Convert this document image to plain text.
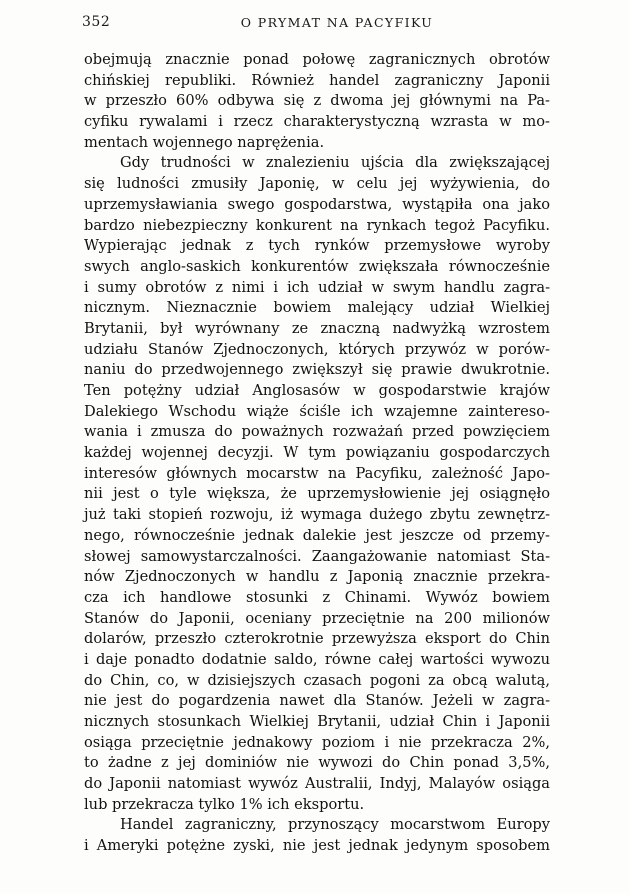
352	O PRYMAT NA PACYFIKU
obejmują znacznie ponad połowę zagranicznych obrotów
chińskiej republiki. Również handel zagraniczny Japonii
w przeszło 60% odbywa się z dwoma jej głównymi na Pa-
cyfiku rywalami i rzecz charakterystyczną wzrasta w mo-
mentach wojennego naprężenia.
Gdy trudności w znalezieniu ujścia dla zwiększającej
się ludności zmusiły Japonię, w celu jej wyżywienia, do
uprzemysławiania swego gospodarstwa, wystąpiła ona jako
bardzo niebezpieczny konkurent na rynkach tegoż Pacyfiku.
Wypierając jednak z tych rynków przemysłowe wyroby
swych anglo-saskich konkurentów zwiększała równocześnie
i sumy obrotów z nimi i ich udział w swym handlu zagra-
nicznym. Nieznacznie bowiem malejący udział Wielkiej
Brytanii, był wyrównany ze znaczną nadwyżką wzrostem
udziału Stanów Zjednoczonych, których przywóz w porów-
naniu do przedwojennego zwiększył się prawie dwukrotnie.
Ten potężny udział Anglosasów w gospodarstwie krajów
Dalekiego Wschodu wiąże ściśle ich wzajemne zaintereso-
wania i zmusza do poważnych rozważań przed powzięciem
każdej wojennej decyzji. W tym powiązaniu gospodarczych
interesów głównych mocarstw na Pacyfiku, zależność Japo-
nii jest o tyle większa, że uprzemysłowienie jej osiągnęło
już taki stopień rozwoju, iż wymaga dużego zbytu zewnętrz-
nego, równocześnie jednak dalekie jest jeszcze od przemy-
słowej samowystarczalności. Zaangażowanie natomiast Sta-
nów Zjednoczonych w handlu z Japonią znacznie przekra-
cza ich handlowe stosunki z Chinami. Wywóz bowiem
Stanów do Japonii, oceniany przeciętnie na 200 milionów
dolarów, przeszło czterokrotnie przewyższa eksport do Chin
i daje ponadto dodatnie saldo, równe całej wartości wywozu
do Chin, co, w dzisiejszych czasach pogoni za obcą walutą,
nie jest do pogardzenia nawet dla Stanów. Jeżeli w zagra-
nicznych stosunkach Wielkiej Brytanii, udział Chin i Japonii
osiąga przeciętnie jednakowy poziom i nie przekracza 2%,
to żadne z jej dominiów nie wywozi do Chin ponad 3,5%,
do Japonii natomiast wywóz Australii, Indyj, Malayów osiąga
lub przekracza tylko 1% ich eksportu.
Handel zagraniczny, przynoszący mocarstwom Europy
i Ameryki potężne zyski, nie jest jednak jedynym sposobem
